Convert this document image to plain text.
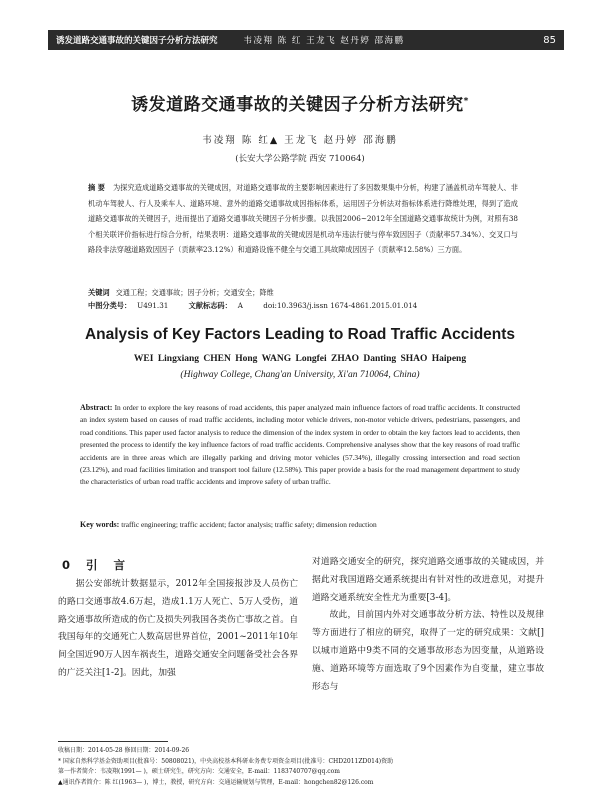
诱发道路交通事故的关键因子分析方法研究	韦凌翔 陈 红 王龙飞 赵丹婷 邵海鹏	85
诱发道路交通事故的关键因子分析方法研究*
韦凌翔 陈 红▲ 王龙飞 赵丹婷 邵海鹏
(长安大学公路学院 西安 710064)
摘 要 为探究造成道路交通事故的关键成因，对道路交通事故的主要影响因素进行了多因数果集中分析，构建了涵盖机动车驾驶人、非机动车驾驶人、行人及乘车人、道路环境、意外的道路交通事故成因指标体系，运用因子分析法对指标体系进行降维处理，得到了造成道路交通事故的关键因子，进而提出了道路交通事故关键因子分析步骤。以我国2006~2012年全国道路交通事故统计为例，对照有38个相关联评价指标进行综合分析，结果表明：道路交通事故的关键成因是机动车违法行驶与停车致因因子（贡献率57.34%）、交叉口与路段非法穿越道路致因因子（贡献率23.12%）和道路设施不健全与交通工具故障成因因子（贡献率12.58%）三方面。
关键词 交通工程；交通事故；因子分析；交通安全；降维
中图分类号： U491.31	文献标志码： A	doi:10.3963/j.issn 1674-4861.2015.01.014
Analysis of Key Factors Leading to Road Traffic Accidents
WEI Lingxiang CHEN Hong WANG Longfei ZHAO Danting SHAO Haipeng
(Highway College, Chang'an University, Xi'an 710064, China)
Abstract: In order to explore the key reasons of road accidents, this paper analyzed main influence factors of road traffic accidents. It constructed an index system based on causes of road traffic accidents, including motor vehicle drivers, non-motor vehicle drivers, pedestrians, passengers, and road conditions. This paper used factor analysis to reduce the dimension of the index system in order to obtain the key factors lead to accidents, then presented the process to identify the key influence factors of road traffic accidents. Comprehensive analyses show that the key reasons of road traffic accidents are in three areas which are illegally parking and driving motor vehicles (57.34%), illegally crossing intersection and road section (23.12%), and road facilities limitation and transport tool failure (12.58%). This paper provide a basis for the road management department to study the characteristics of urban road traffic accidents and improve safety of urban traffic.
Key words: traffic engineering; traffic accident; factor analysis; traffic safety; dimension reduction
0 引 言

据公安部统计数据显示，2012年全国接报涉及人员伤亡的路口交通事故4.6万起，造成1.1万人死亡、5万人受伤，道路交通事故所造成的伤亡及损失列我国各类伤亡事故之首。自我国每年的交通死亡人数高居世界首位，2001~2011年10年间全国近90万人因车祸丧生，道路交通安全问题备受社会各界的广泛关注[1-2]。因此，加强

对道路交通安全的研究，探究道路交通事故的关键成因，并据此对我国道路交通系统提出有针对性的改进意见，对提升道路交通系统安全性尤为重要[3-4]。

故此，目前国内外对交通事故分析方法、特性以及规律等方面进行了相应的研究，取得了一定的研究成果：文献[]以城市道路中9类不同的交通事故形态为因变量，从道路设施、道路环境等方面选取了9个因素作为自变量，建立事故形态与

收稿日期：2014-05-28 修回日期：2014-09-26
* 国家自然科学基金资助项目(批准号：50808021)，中央高校基本科研业务费专项资金项目(批准号：CHD2011ZD014)资助
第一作者简介：韦凌翔(1991— )，硕士研究生，研究方向：交通安全，E-mail：1183740707@qq.com
▲通讯作者简介：陈 红(1963— )，博士，教授，研究方向：交通运输规划与管理，E-mail：hongchen82@126.com
